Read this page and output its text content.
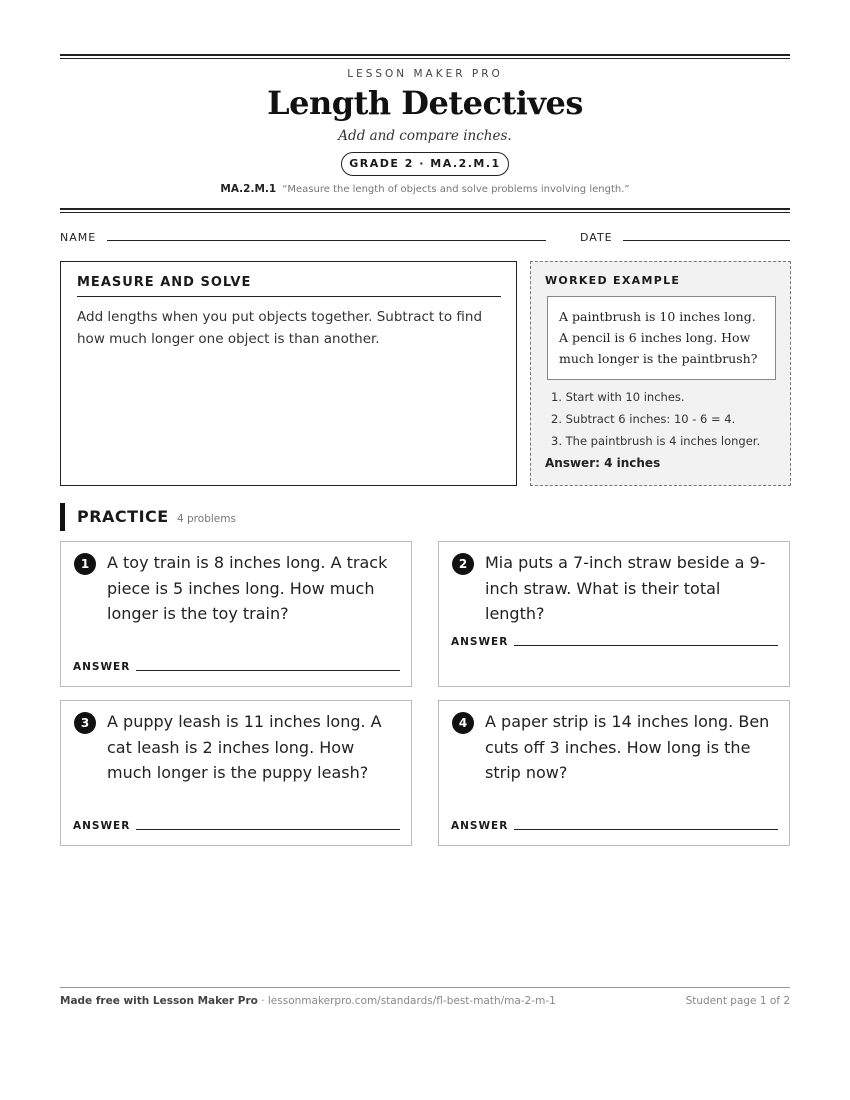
LESSON MAKER PRO
Length Detectives
Add and compare inches.
GRADE 2 · MA.2.M.1
MA.2.M.1 “Measure the length of objects and solve problems involving length.”
NAME	DATE
MEASURE AND SOLVE
Add lengths when you put objects together. Subtract to find how much longer one object is than another.
WORKED EXAMPLE
A paintbrush is 10 inches long. A pencil is 6 inches long. How much longer is the paintbrush?
1. Start with 10 inches.
2. Subtract 6 inches: 10 - 6 = 4.
3. The paintbrush is 4 inches longer.
Answer: 4 inches
PRACTICE 4 problems
1	A toy train is 8 inches long. A track piece is 5 inches long. How much longer is the toy train?
ANSWER
2	Mia puts a 7-inch straw beside a 9-inch straw. What is their total length?
ANSWER
3	A puppy leash is 11 inches long. A cat leash is 2 inches long. How much longer is the puppy leash?
ANSWER
4	A paper strip is 14 inches long. Ben cuts off 3 inches. How long is the strip now?
ANSWER
Made free with Lesson Maker Pro · lessonmakerpro.com/standards/fl-best-math/ma-2-m-1	Student page 1 of 2
